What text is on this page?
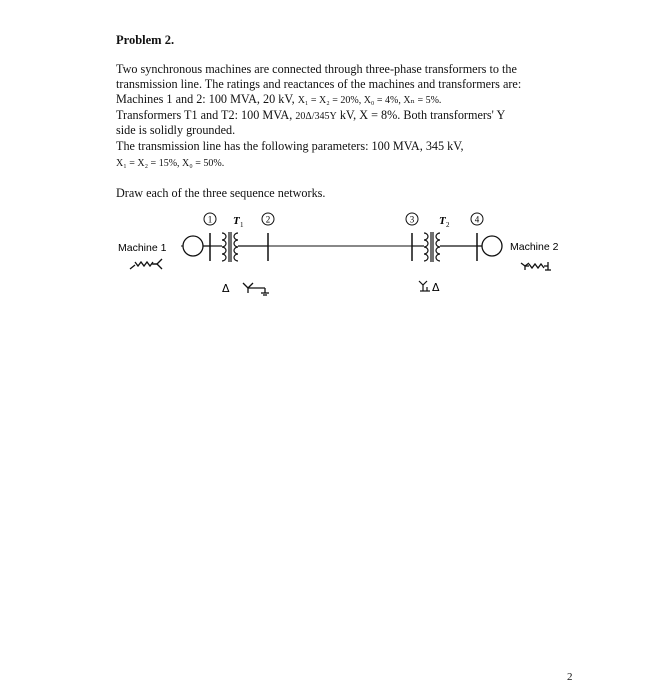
Problem 2.
Two synchronous machines are connected through three-phase transformers to the
transmission line. The ratings and reactances of the machines and transformers are:
Machines 1 and 2: 100 MVA, 20 kV, X₁ = X₂ = 20%, X₀ = 4%, Xₙ = 5%.
Transformers T1 and T2: 100 MVA, 20Δ/345Y kV, X = 8%. Both transformers' Y
side is solidly grounded.
The transmission line has the following parameters: 100 MVA, 345 kV,
X₁ = X₂ = 15%, X₀ = 50%.
Draw each of the three sequence networks.
1	2	3	4
T 1	T 2
Machine 1	Machine 2
Δ	Δ
2
